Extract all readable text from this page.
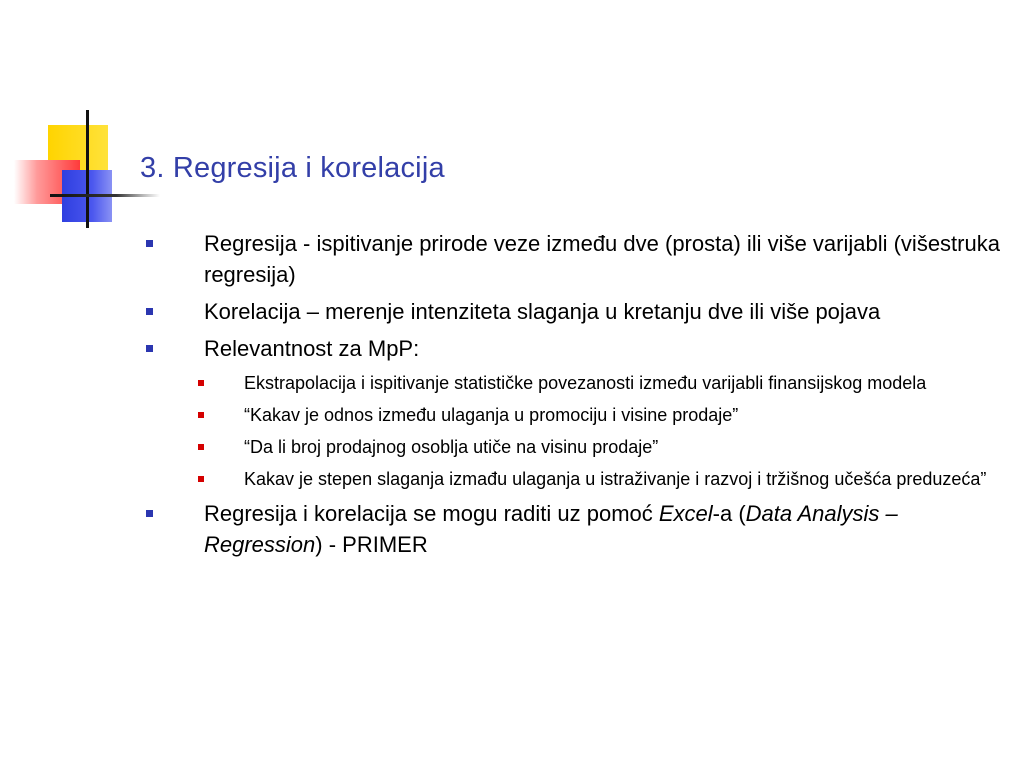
3. Regresija i korelacija
Regresija - ispitivanje prirode veze između dve (prosta) ili više varijabli (višestruka regresija)
Korelacija – merenje intenziteta slaganja u kretanju dve ili više pojava
Relevantnost za MpP:
Ekstrapolacija i ispitivanje statističke povezanosti između varijabli finansijskog modela
“Kakav je odnos između ulaganja u promociju i visine prodaje”
“Da li broj prodajnog osoblja utiče na visinu prodaje”
Kakav je stepen slaganja izmađu ulaganja u istraživanje i razvoj i tržišnog učešća preduzeća”
Regresija i korelacija se mogu raditi uz pomoć Excel-a (Data Analysis – Regression) - PRIMER
